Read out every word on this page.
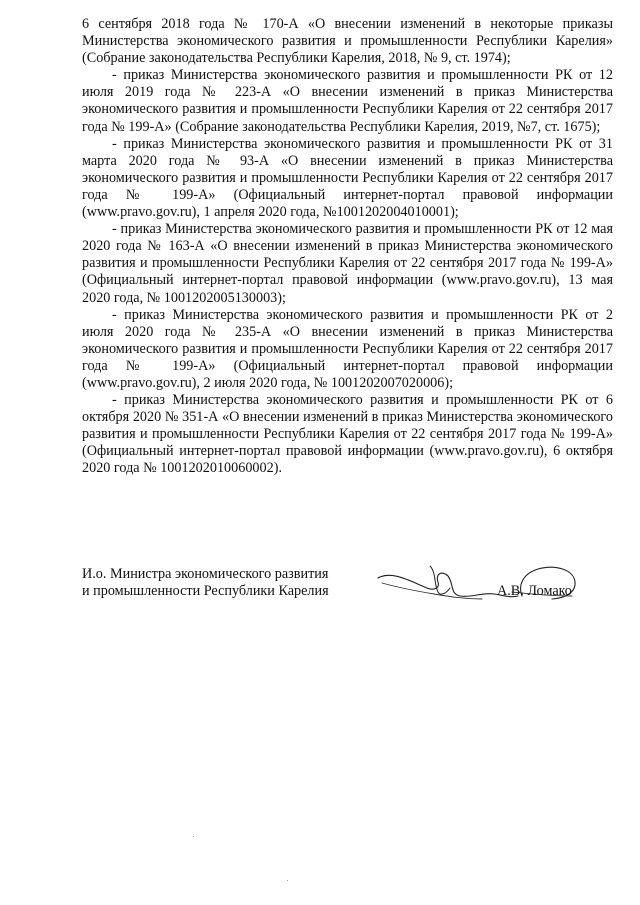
6 сентября 2018 года № 170-А «О внесении изменений в некоторые приказы Министерства экономического развития и промышленности Республики Карелия» (Собрание законодательства Республики Карелия, 2018, № 9, ст. 1974);

- приказ Министерства экономического развития и промышленности РК от 12 июля 2019 года № 223-А «О внесении изменений в приказ Министерства экономического развития и промышленности Республики Карелия от 22 сентября 2017 года № 199-А» (Собрание законодательства Республики Карелия, 2019, №7, ст. 1675);

- приказ Министерства экономического развития и промышленности РК от 31 марта 2020 года № 93-А «О внесении изменений в приказ Министерства экономического развития и промышленности Республики Карелия от 22 сентября 2017 года № 199-А» (Официальный интернет-портал правовой информации (www.pravo.gov.ru), 1 апреля 2020 года, №1001202004010001);

- приказ Министерства экономического развития и промышленности РК от 12 мая 2020 года № 163-А «О внесении изменений в приказ Министерства экономического развития и промышленности Республики Карелия от 22 сентября 2017 года № 199-А» (Официальный интернет-портал правовой информации (www.pravo.gov.ru), 13 мая 2020 года, № 1001202005130003);

- приказ Министерства экономического развития и промышленности РК от 2 июля 2020 года № 235-А «О внесении изменений в приказ Министерства экономического развития и промышленности Республики Карелия от 22 сентября 2017 года № 199-А» (Официальный интернет-портал правовой информации (www.pravo.gov.ru), 2 июля 2020 года, № 1001202007020006);

- приказ Министерства экономического развития и промышленности РК от 6 октября 2020 № 351-А «О внесении изменений в приказ Министерства экономического развития и промышленности Республики Карелия от 22 сентября 2017 года № 199-А» (Официальный интернет-портал правовой информации (www.pravo.gov.ru), 6 октября 2020 года № 1001202010060002).

И.о. Министра экономического развития
и промышленности Республики Карелия	А.В. Ломако
